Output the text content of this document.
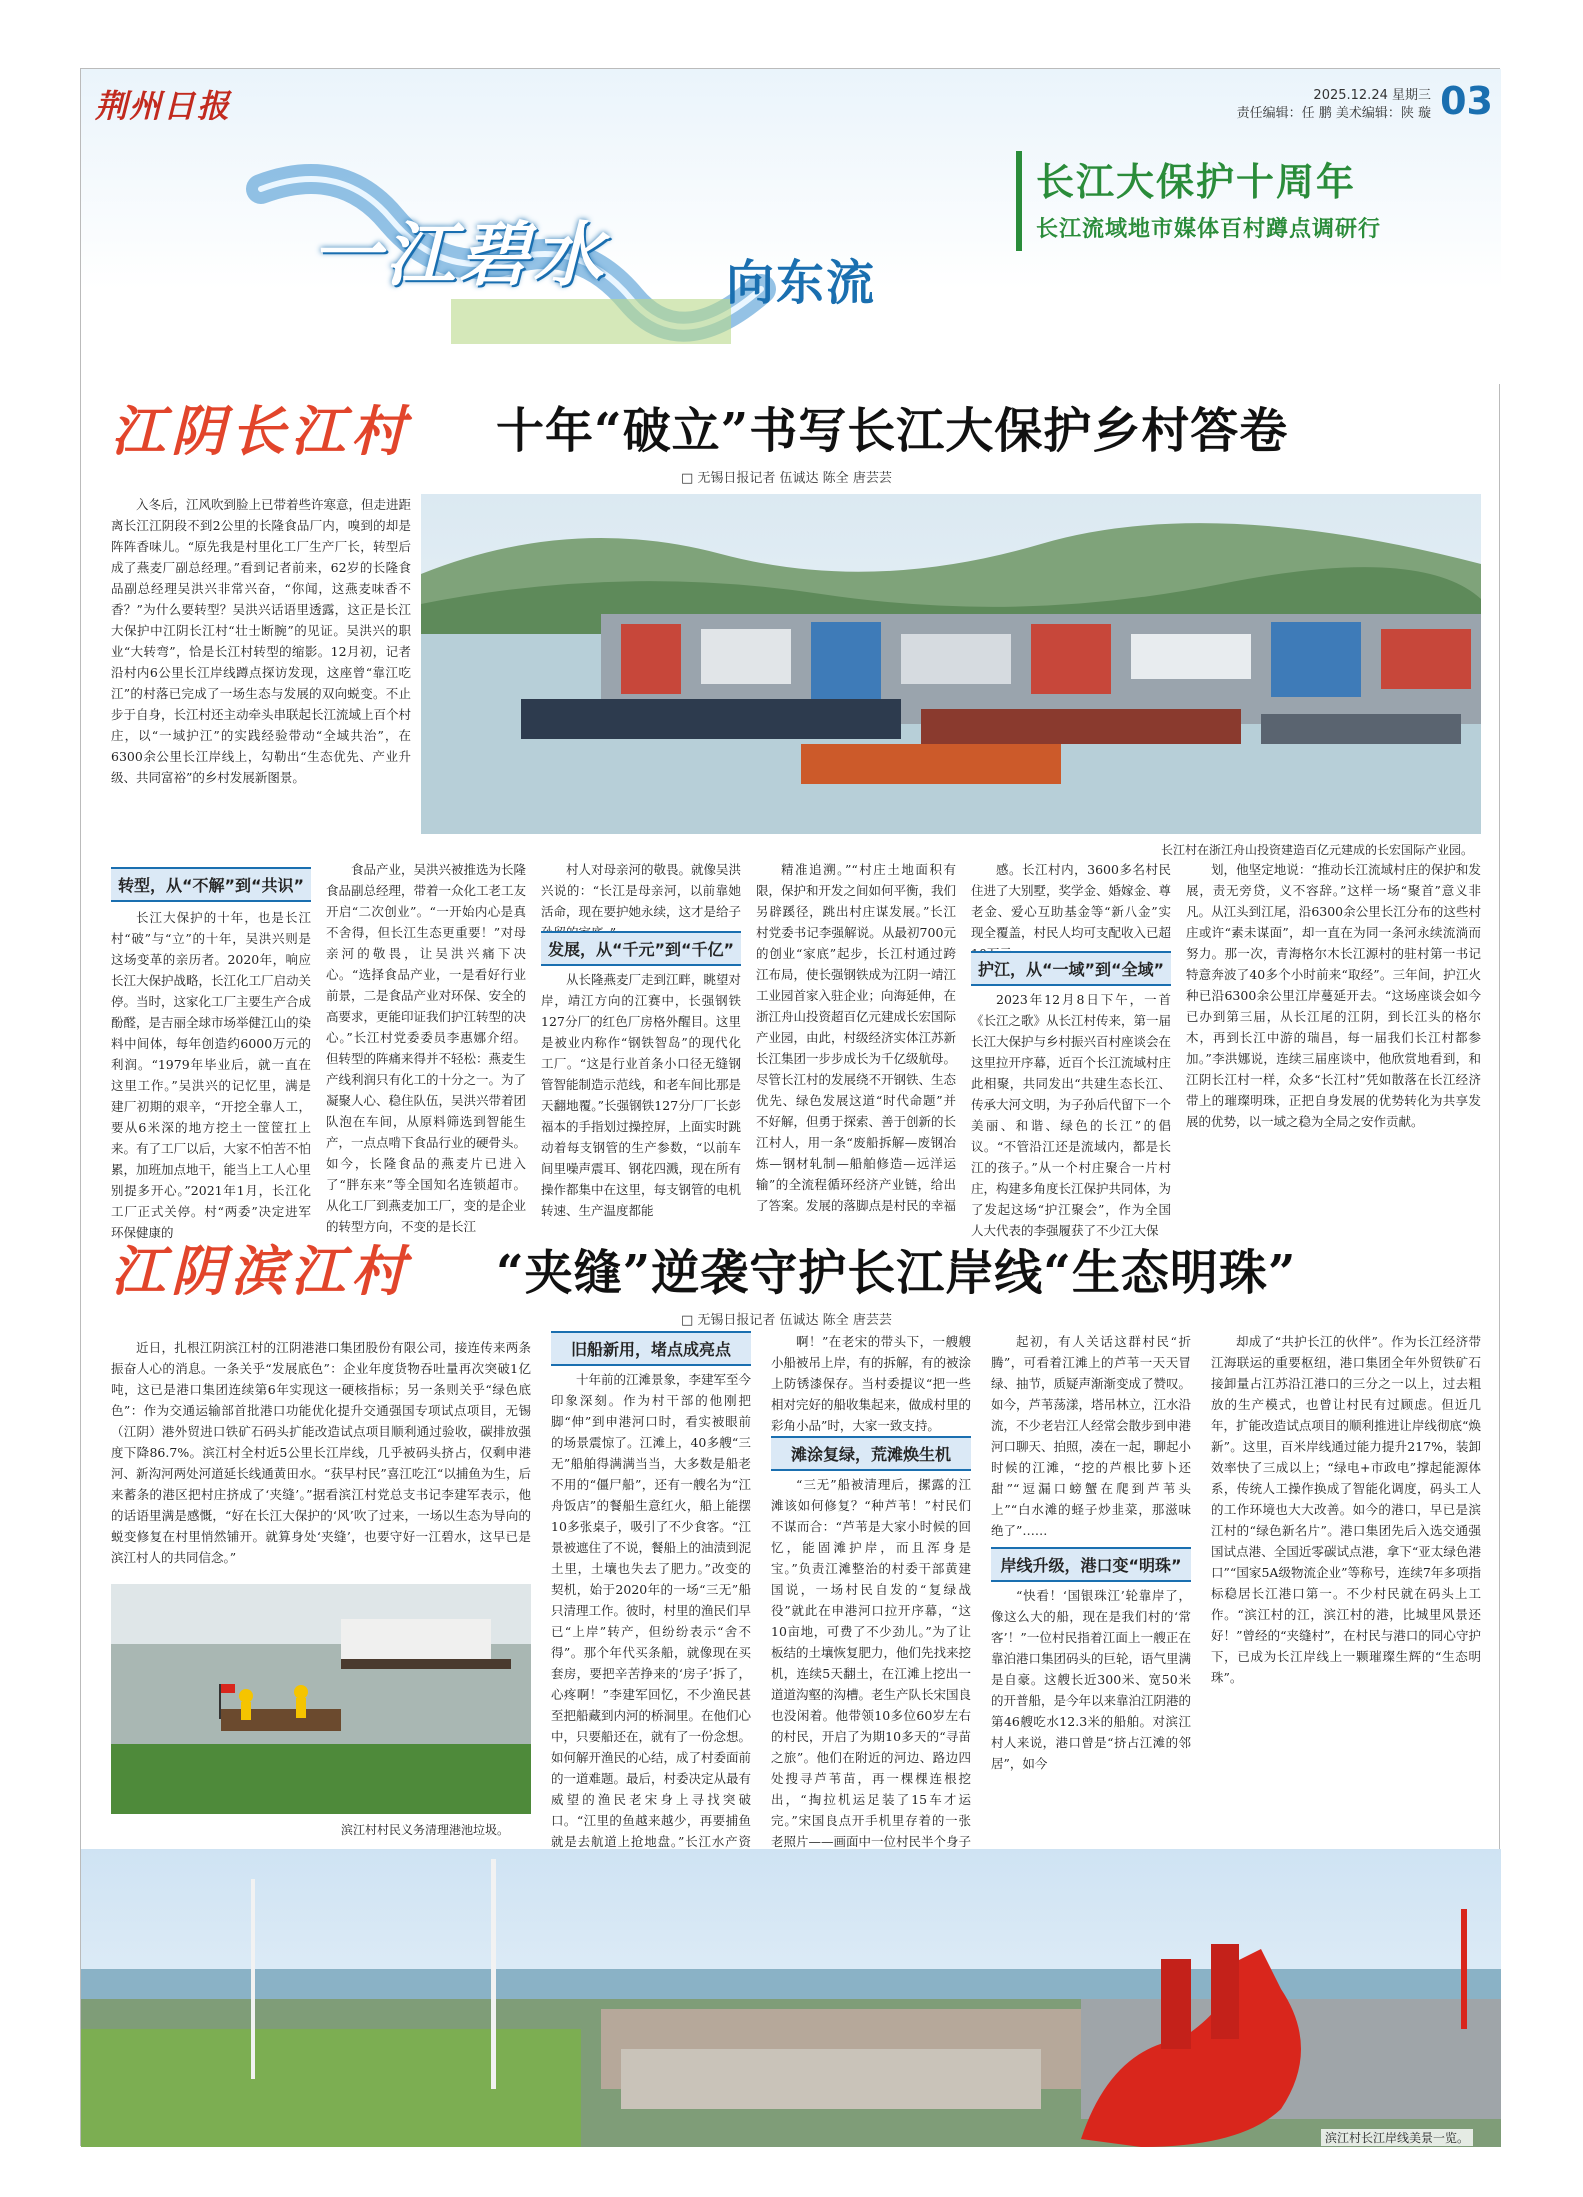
荆州日报	2025.12.24 星期三
责任编辑：任 鹏 美术编辑：陕 璇 03
一江碧水 向东流
长江大保护十周年
长江流域地市媒体百村蹲点调研行
江阴长江村 十年“破立”书写长江大保护乡村答卷
□ 无锡日报记者 伍诚达 陈全 唐芸芸
入冬后，江风吹到脸上已带着些许寒意，但走进距离长江江阴段不到2公里的长隆食品厂内，嗅到的却是阵阵香味儿。“原先我是村里化工厂生产厂长，转型后成了燕麦厂副总经理。”看到记者前来，62岁的长隆食品副总经理吴洪兴非常兴奋，“你闻，这燕麦味香不香？”为什么要转型？吴洪兴话语里透露，这正是长江大保护中江阴长江村“壮士断腕”的见证。吴洪兴的职业“大转弯”，恰是长江村转型的缩影。12月初，记者沿村内6公里长江岸线蹲点探访发现，这座曾“靠江吃江”的村落已完成了一场生态与发展的双向蜕变。不止步于自身，长江村还主动牵头串联起长江流域上百个村庄，以“一域护江”的实践经验带动“全域共治”，在6300余公里长江岸线上，勾勒出“生态优先、产业升级、共同富裕”的乡村发展新图景。
长江村在浙江舟山投资建造百亿元建成的长宏国际产业园。
转型，从“不解”到“共识”
长江大保护的十年，也是长江村“破”与“立”的十年，吴洪兴则是这场变革的亲历者。2020年，响应长江大保护战略，长江化工厂启动关停。当时，这家化工厂主要生产合成酚醛，是吉丽全球市场举健江山的染料中间体，每年创造约6000万元的利润。“1979年毕业后，就一直在这里工作。”吴洪兴的记忆里，满是建厂初期的艰辛，“开挖全靠人工，要从6米深的地方挖土一筐筐扛上来。有了工厂以后，大家不怕苦不怕累，加班加点地干，能当上工人心里别提多开心。”2021年1月，长江化工厂正式关停。村“两委”决定进军环保健康的
食品产业，吴洪兴被推选为长隆食品副总经理，带着一众化工老工友开启“二次创业”。“一开始内心是真不舍得，但长江生态更重要！”对母亲河的敬畏，让吴洪兴痛下决心。“选择食品产业，一是看好行业前景，二是食品产业对环保、安全的高要求，更能印证我们护江转型的决心。”长江村党委委员李惠娜介绍。但转型的阵痛来得并不轻松：燕麦生产线利润只有化工的十分之一。为了凝聚人心、稳住队伍，吴洪兴带着团队泡在车间，从原料筛选到智能生产，一点点啃下食品行业的硬骨头。如今，长隆食品的燕麦片已进入了“胖东来”等全国知名连锁超市。从化工厂到燕麦加工厂，变的是企业的转型方向，不变的是长江
村人对母亲河的敬畏。就像吴洪兴说的：“长江是母亲河，以前靠她活命，现在要护她永续，这才是给子
发展，从“千元”到“千亿”
从长隆燕麦厂走到江畔，眺望对岸，靖江方向的江赛中，长强钢铁127分厂的红色厂房格外醒目。这里是被业内称作“钢铁智岛”的现代化工厂。“这是行业首条小口径无缝钢管智能制造示范线，和老车间比那是天翻地覆。”长强钢铁127分厂厂长彭福本的手指划过操控屏，上面实时跳动着每支钢管的生产参数，“以前车间里噪声震耳、钢花四溅，现在所有操作都集中在这里，每支钢管的电机转速、生产温度都能
精准追溯。”“村庄土地面积有限，保护和开发之间如何平衡，我们另辟蹊径，跳出村庄谋发展。”长江村党委书记李强解说。从最初700元的创业“家底”起步，长江村通过跨江布局，使长强钢铁成为江阴一靖江工业园首家入驻企业；向海延伸，在浙江舟山投资超百亿元建成长宏国际产业园，由此，村级经济实体江苏新长江集团一步步成长为千亿级航母。尽管长江村的发展绕不开钢铁、生态优先、绿色发展这道“时代命题”并不好解，但勇于探索、善于创新的长江村人，用一条“废船拆解—废钢冶炼—钢材轧制—船舶修造—远洋运输”的全流程循环经济产业链，给出了答案。发展的落脚点是村民的幸福
感。长江村内，3600多名村民住进了大别墅，奖学金、婚嫁金、尊老金、爱心互助基金等“新八金”实现全覆盖，村民人均可支配收入已超
护江，从“一域”到“全域”
2023年12月8日下午，一首《长江之歌》从长江村传来，第一届长江大保护与乡村振兴百村座谈会在这里拉开序幕，近百个长江流域村庄此相聚，共同发出“共建生态长江、传承大河文明，为子孙后代留下一个美丽、和谐、绿色的长江”的倡议。“不管沿江还是流域内，都是长江的孩子。”从一个村庄聚合一片村庄，构建多角度长江保护共同体，为了发起这场“护江聚会”，作为全国人大代表的李强履获了不少江大保
划，他坚定地说：“推动长江流域村庄的保护和发展，责无旁贷，义不容辞。”这样一场“聚首”意义非凡。从江头到江尾，沿6300余公里长江分布的这些村庄或许“素未谋面”，却一直在为同一条河永续流淌而努力。那一次，青海格尔木长江源村的驻村第一书记特意奔波了40多个小时前来“取经”。三年间，护江火种已沿6300余公里江岸蔓延开去。“这场座谈会如今已办到第三届，从长江尾的江阴，到长江头的格尔木，再到长江中游的瑞昌，每一届我们长江村都参加。”李洪娜说，连续三届座谈中，他欣赏地看到，和江阴长江村一样，众多“长江村”凭如散落在长江经济带上的璀璨明珠，正把自身发展的优势转化为共享发展的优势，以一域之稳为全局之安作贡献。
江阴滨江村 “夹缝”逆袭守护长江岸线“生态明珠”
□ 无锡日报记者 伍诚达 陈全 唐芸芸
近日，扎根江阴滨江村的江阴港港口集团股份有限公司，接连传来两条振奋人心的消息。一条关乎“发展底色”：企业年度货物吞吐量再次突破1亿吨，这已是港口集团连续第6年实现这一硬核指标；另一条则关乎“绿色底色”：作为交通运输部首批港口功能优化提升交通强国专项试点项目，无锡（江阴）港外贸进口铁矿石码头扩能改造试点项目顺利通过验收，碳排放强度下降86.7%。滨江村全村近5公里长江岸线，几乎被码头挤占，仅剩申港河、新沟河两处河道延长线通黄田水。“获早村民”喜江吃江“以捕鱼为生，后来蓄条的港区把村庄挤成了‘夹缝’。”据看滨江村党总支书记李建军表示，他的话语里满是感慨，“好在长江大保护的‘风’吹了过来，一场以生态为导向的蜕变修复在村里悄然铺开。就算身处‘夹缝’，也要守好一江碧水，这早已是滨江村人的共同信念。”
滨江村村民义务清理港池垃圾。
旧船新用，堵点成亮点
十年前的江滩景象，李建军至今印象深刻。作为村干部的他刚把脚“伸”到申港河口时，看实被眼前的场景震惊了。江滩上，40多艘“三无”船舶得满满当当，大多数是船老不用的“僵尸船”，还有一艘名为“江舟饭店”的餐船生意红火，船上能摆10多张桌子，吸引了不少食客。“江景被遮住了不说，餐船上的油渍到泥土里，土壤也失去了肥力。”改变的契机，始于2020年的一场“三无”船只清理工作。彼时，村里的渔民们早已“上岸”转产，但纷纷表示“舍不得”。那个年代买条船，就像现在买套房，要把辛苦挣来的‘房子’拆了，心疼啊！”李建军回忆，不少渔民甚至把船藏到内河的桥洞里。在他们心中，只要船还在，就有了一份念想。如何解开渔民的心结，成了村委面前的一道难题。最后，村委决定从最有威望的渔民老宋身上寻找突破口。“江里的鱼越来越少，再要捕鱼就是去航道上抢地盘。”长江水产资
啊！”在老宋的带头下，一艘艘小船被吊上岸，有的拆解，有的被涂上防锈漆保存。当村委提议“把一些相对完好的船收集起来，做成村里的彩角小品”时，大家一致支持。
滩涂复绿，荒滩焕生机
“三无”船被清理后，摞露的江滩该如何修复？“种芦苇！”村民们不谋而合：“芦苇是大家小时候的回忆，能固滩护岸，而且浑身是宝。”负责江滩整治的村委干部黄建国说，一场村民自发的“复绿战役”就此在申港河口拉开序幕，“这10亩地，可费了不少劲儿。”为了让板结的土壤恢复肥力，他们先找来挖机，连续5天翻土，在江滩上挖出一道道沟壑的沟槽。老生产队长宋国良也没闲着。他带领10多位60岁左右的村民，开启了为期10多天的“寻苗之旅”。他们在附近的河边、路边四处搜寻芦苇苗，再一棵棵连根挖出，“掏拉机运足装了15车才运完。”宋国良点开手机里存着的一张老照片——画面中一位村民半个身子
起初，有人关话这群村民“折腾”，可看着江滩上的芦苇一天天冒绿、抽节，质疑声渐渐变成了赞叹。如今，芦苇荡漾，塔吊林立，江水沿流，不少老岩江人经常会散步到申港河口聊天、拍照，凑在一起，聊起小时候的江滩，“挖的芦根比萝卜还甜”“逗漏口螃蟹在爬到芦苇头上”“白水滩的蛏子炒韭菜，那滋味绝了”……
岸线升级，港口变“明珠”
“快看！‘国银珠江’轮靠岸了，像这么大的船，现在是我们村的‘常客’！”一位村民指着江面上一艘正在靠泊港口集团码头的巨轮，语气里满是自豪。这艘长近300米、宽50米的开普船，是今年以来靠泊江阴港的第46艘吃水12.3米的船舶。对滨江村人来说，港口曾是“挤占江滩的邻居”，如今
却成了“共护长江的伙伴”。作为长江经济带江海联运的重要枢纽，港口集团全年外贸铁矿石接卸量占江苏沿江港口的三分之一以上，过去粗放的生产模式，也曾让村民有过顾虑。但近几年，扩能改造试点项目的顺利推进让岸线彻底“焕新”。这里，百米岸线通过能力提升217%，装卸效率快了三成以上；“绿电+市政电”撑起能源体系，传统人工操作换成了智能化调度，码头工人的工作环境也大大改善。如今的港口，早已是滨江村的“绿色新名片”。港口集团先后入选交通强国试点港、全国近零碳试点港，拿下“亚太绿色港口”“国家5A级物流企业”等称号，连续7年多项指标稳居长江港口第一。不少村民就在码头上工作。“滨江村的江，滨江村的港，比城里风景还好！”曾经的“夹缝村”，在村民与港口的同心守护下，已成为长江岸线上一颗璀璨生辉的“生态明珠”。
滨江村长江岸线美景一览。
